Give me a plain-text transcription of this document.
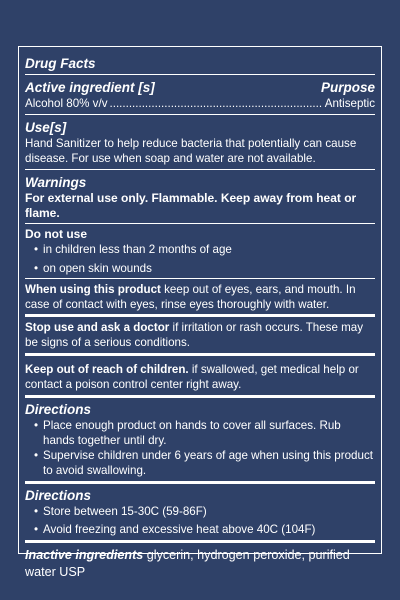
Drug Facts
Active ingredient [s]	Purpose
Alcohol 80% v/v
.....	Antiseptic
Use[s]
Hand Sanitizer to help reduce bacteria that potentially can cause disease. For use when soap and water are not available.
Warnings
For external use only. Flammable. Keep away from heat or flame.
Do not use
• in children less than 2 months of age
• on open skin wounds
When using this product keep out of eyes, ears, and mouth. In case of contact with eyes, rinse eyes thoroughly with water.
Stop use and ask a doctor if irritation or rash occurs. These may be signs of a serious conditions.
Keep out of reach of children. if swallowed, get medical help or contact a poison control center right away.
Directions
• Place enough product on hands to cover all surfaces. Rub hands together until dry.
• Supervise children under 6 years of age when using this product to avoid swallowing.
Directions
• Store between 15-30C (59-86F)
• Avoid freezing and excessive heat above 40C (104F)
Inactive ingredients glycerin, hydrogen peroxide, purified water USP
